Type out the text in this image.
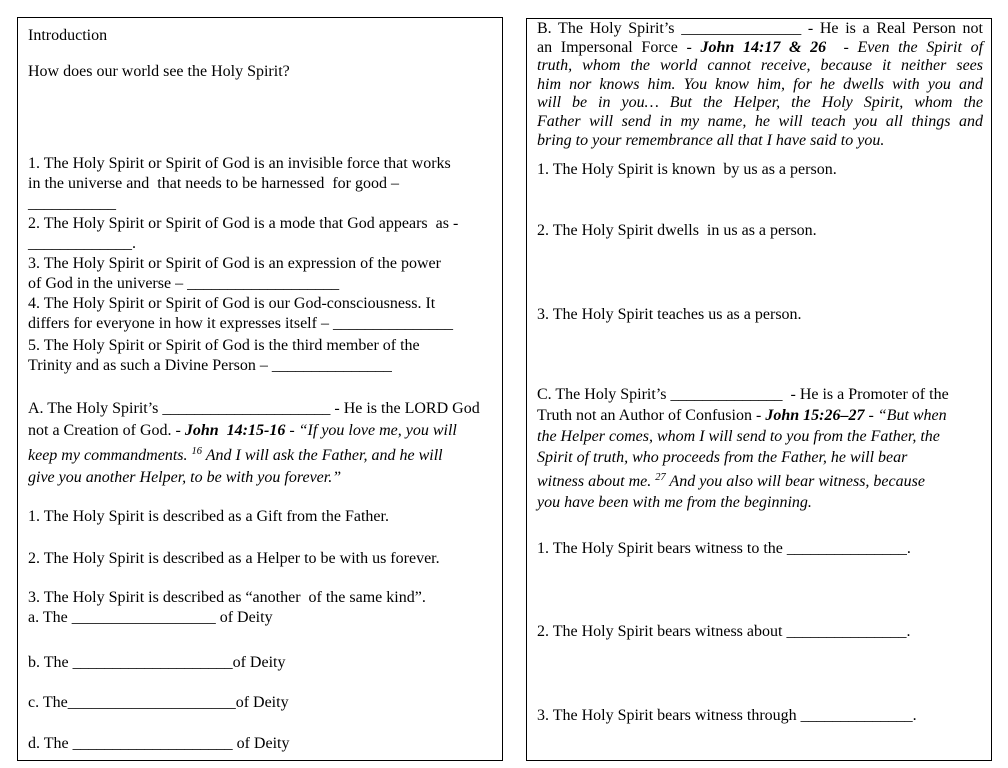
Introduction
How does our world see the Holy Spirit?
1. The Holy Spirit or Spirit of God is an invisible force that works
in the universe and  that needs to be harnessed  for good –
___________
2. The Holy Spirit or Spirit of God is a mode that God appears  as -
_____________.
3. The Holy Spirit or Spirit of God is an expression of the power
of God in the universe – ___________________
4. The Holy Spirit or Spirit of God is our God-consciousness. It
differs for everyone in how it expresses itself – _______________
5. The Holy Spirit or Spirit of God is the third member of the
Trinity and as such a Divine Person – _______________
A. The Holy Spirit’s _____________________ - He is the LORD God
not a Creation of God. - John  14:15-16 - “If you love me, you will
keep my commandments. $^{16}$ And I will ask the Father, and he will
give you another Helper, to be with you forever.”
1. The Holy Spirit is described as a Gift from the Father.
2. The Holy Spirit is described as a Helper to be with us forever.
3. The Holy Spirit is described as “another  of the same kind”.
a. The __________________ of Deity
b. The ____________________of Deity
c. The_____________________of Deity
d. The ____________________ of Deity
B. The Holy Spirit’s _______________ - He is a Real Person not
an Impersonal Force - John 14:17 & 26  - Even the Spirit of
truth, whom the world cannot receive, because it neither sees
him nor knows him. You know him, for he dwells with you and
will be in you… But the Helper, the Holy Spirit, whom the
Father will send in my name, he will teach you all things and
bring to your remembrance all that I have said to you.
1. The Holy Spirit is known  by us as a person.
2. The Holy Spirit dwells  in us as a person.
3. The Holy Spirit teaches us as a person.
C. The Holy Spirit’s ______________  - He is a Promoter of the
Truth not an Author of Confusion - John 15:26–27 - “But when
the Helper comes, whom I will send to you from the Father, the
Spirit of truth, who proceeds from the Father, he will bear
witness about me. $^{27}$ And you also will bear witness, because
you have been with me from the beginning.
1. The Holy Spirit bears witness to the _______________.
2. The Holy Spirit bears witness about _______________.
3. The Holy Spirit bears witness through ______________.
